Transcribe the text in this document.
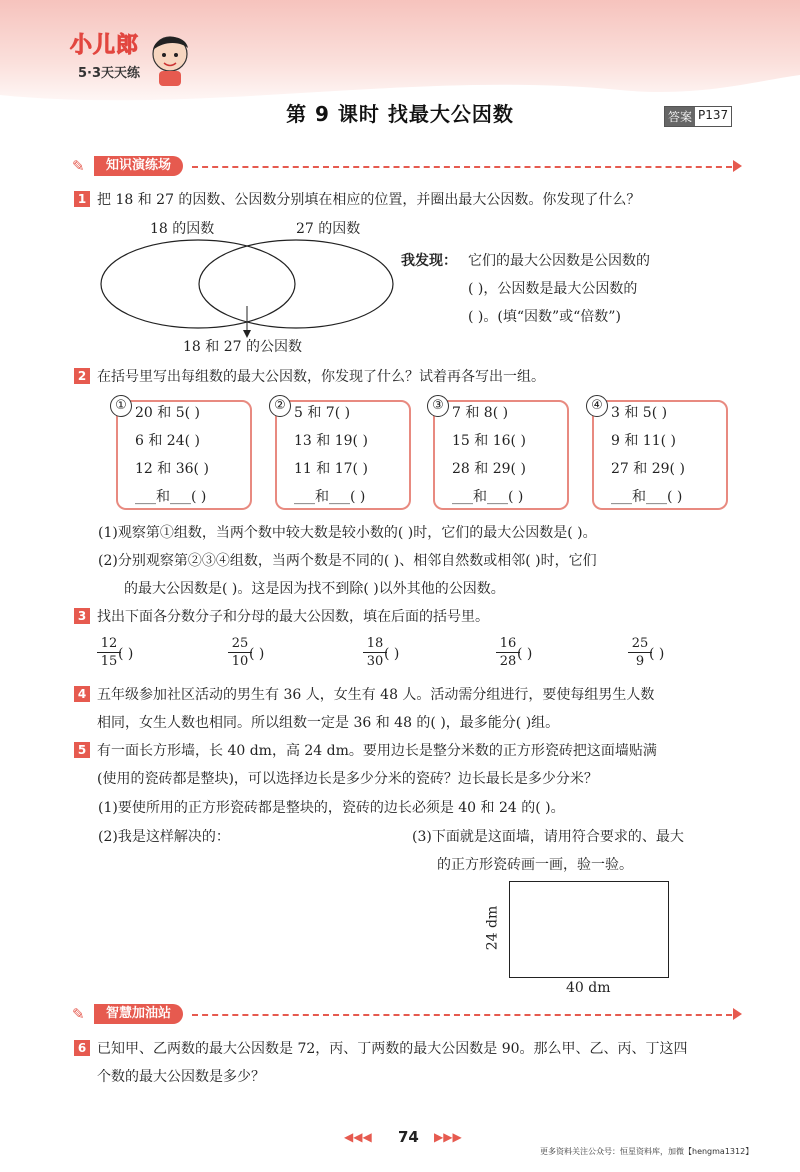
小儿郎
5·3天天练
第 9 课时 找最大公因数	答案 P137
✎	知识演练场
1 把 18 和 27 的因数、公因数分别填在相应的位置，并圈出最大公因数。你发现了什么？
18 的因数	27 的因数
18 和 27 的公因数
我发现： 它们的最大公因数是公因数的
( )，公因数是最大公因数的
( )。(填“因数”或“倍数”)
2 在括号里写出每组数的最大公因数，你发现了什么？试着再各写出一组。
① 20 和 5( )
6 和 24( )
12 和 36( )
___和___( )
② 5 和 7( )
13 和 19( )
11 和 17( )
___和___( )
③ 7 和 8( )
15 和 16( )
28 和 29( )
___和___( )
④ 3 和 5( )
9 和 11( )
27 和 29( )
___和___( )
(1)观察第①组数，当两个数中较大数是较小数的( )时，它们的最大公因数是( )。
(2)分别观察第②③④组数，当两个数是不同的( )、相邻自然数或相邻( )时，它们
的最大公因数是( )。这是因为找不到除( )以外其他的公因数。
3 找出下面各分数分子和分母的最大公因数，填在后面的括号里。
12
15 ( )
25
10 ( )
18
30 ( )
16
28 ( )
25
9 ( )
4 五年级参加社区活动的男生有 36 人，女生有 48 人。活动需分组进行，要使每组男生人数
相同，女生人数也相同。所以组数一定是 36 和 48 的( )，最多能分( )组。
5 有一面长方形墙，长 40 dm，高 24 dm。要用边长是整分米数的正方形瓷砖把这面墙贴满
(使用的瓷砖都是整块)，可以选择边长是多少分米的瓷砖？边长最长是多少分米？
(1)要使所用的正方形瓷砖都是整块的，瓷砖的边长必须是 40 和 24 的( )。
(2)我是这样解决的：	(3)下面就是这面墙，请用符合要求的、最大
的正方形瓷砖画一画，验一验。
24 dm
40 dm
✎	智慧加油站
6 已知甲、乙两数的最大公因数是 72，丙、丁两数的最大公因数是 90。那么甲、乙、丙、丁这四
个数的最大公因数是多少？
◀◀◀ 74 ▶▶▶
更多资料关注公众号：恒星资料库，加微【hengma1312】
